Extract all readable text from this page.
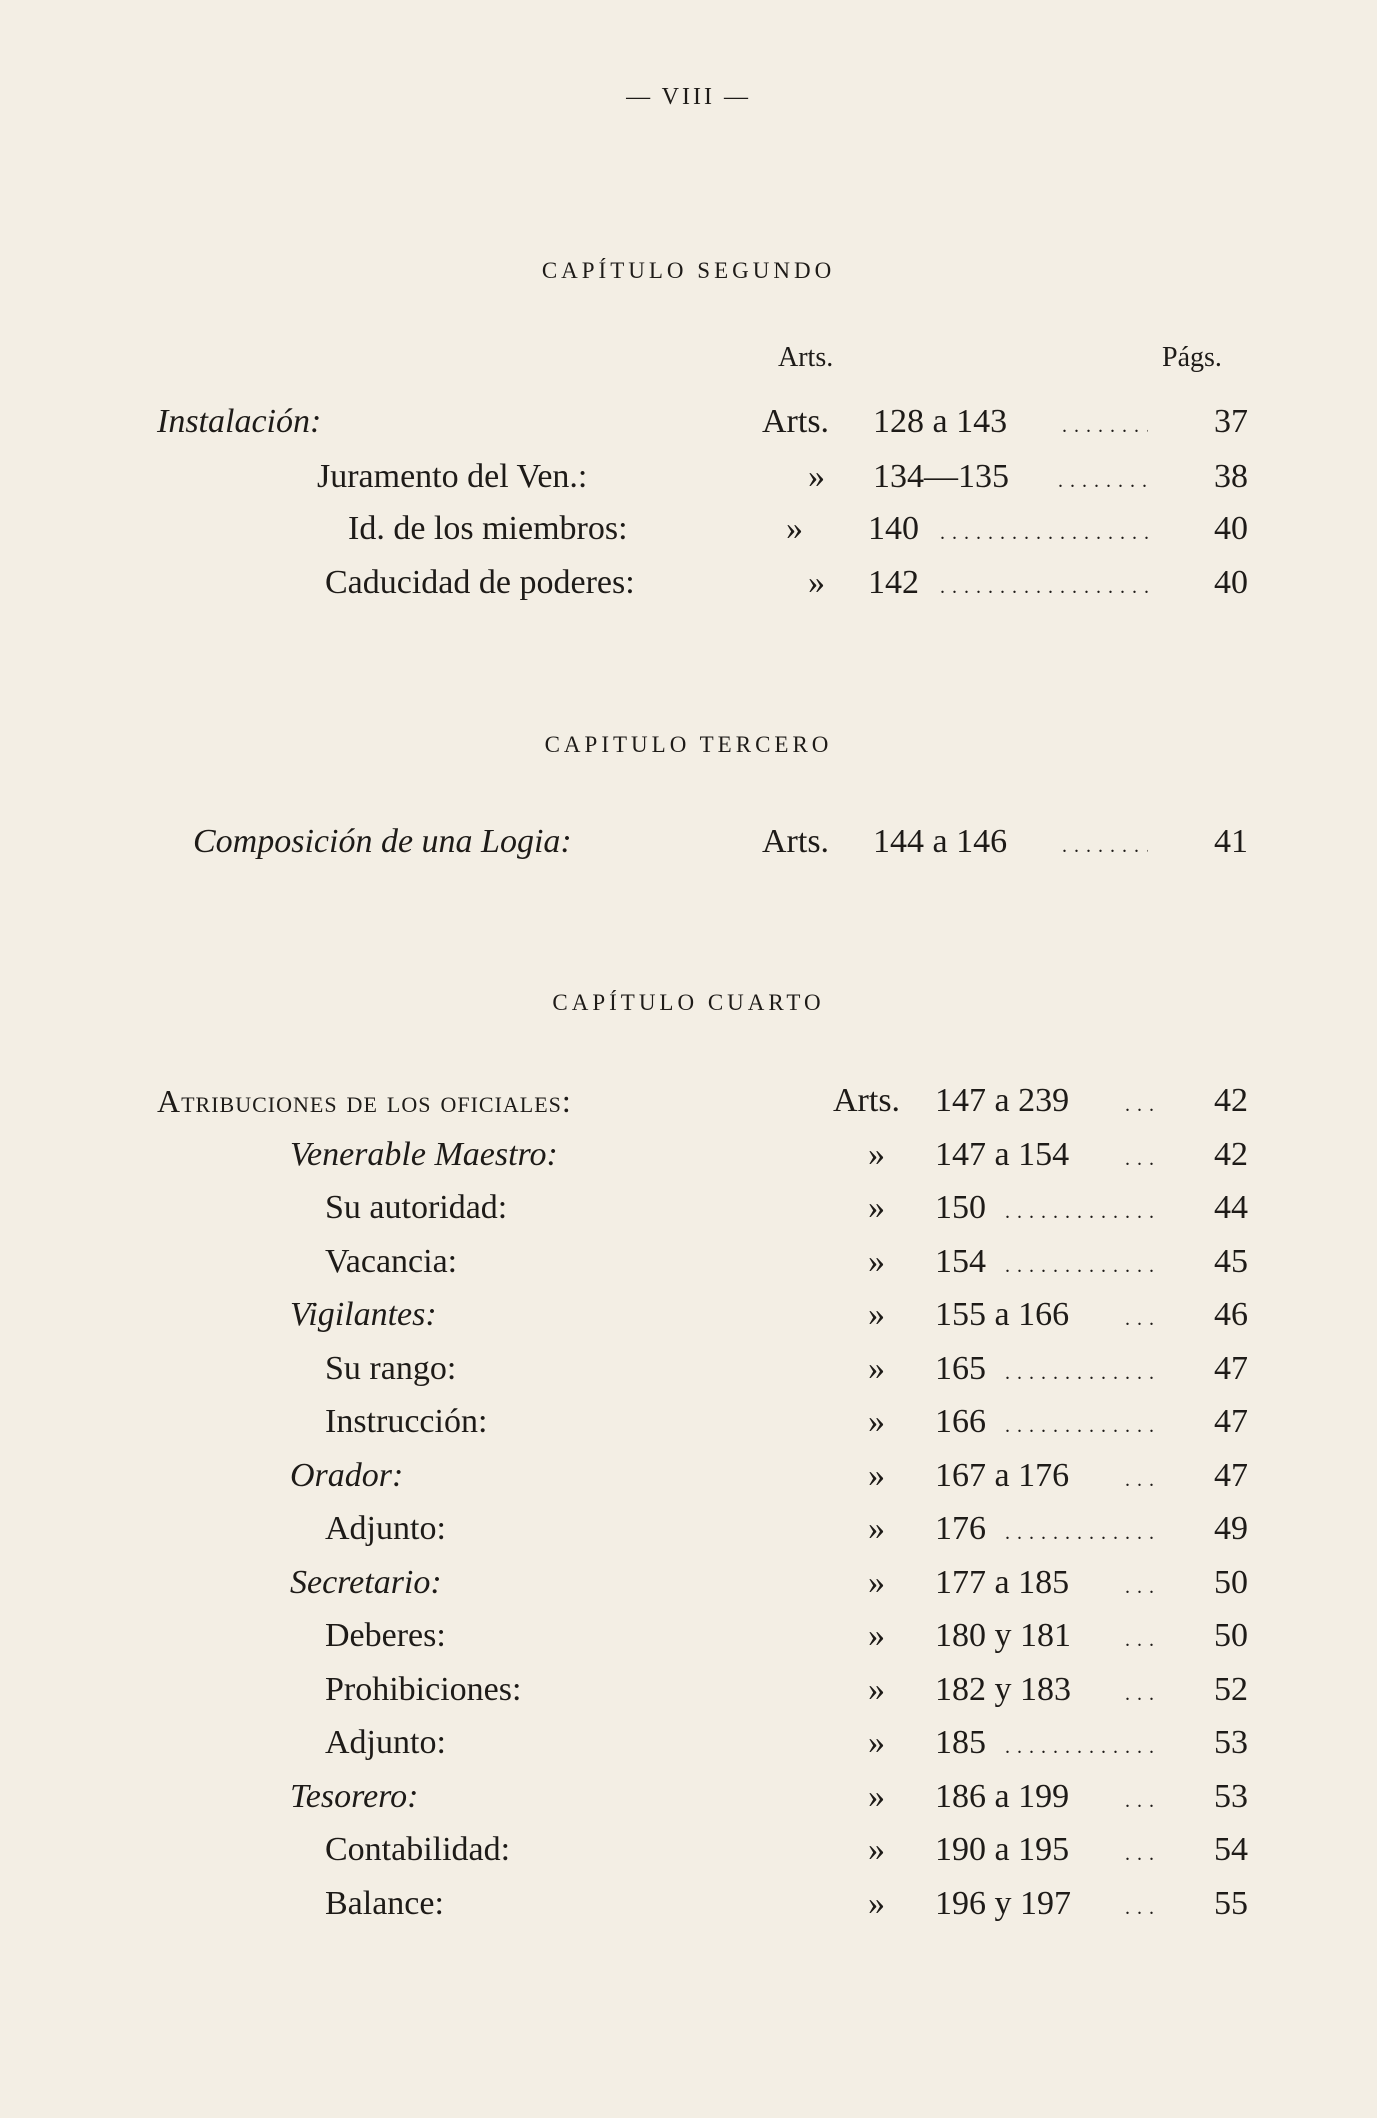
— VIII —
CAPÍTULO SEGUNDO
Arts.	Págs.
Instalación:	Arts. 128 a 143 . . .	37
Juramento del Ven.:	» 134—135 . . .	38
Id. de los miembros:	» 140 . . .	40
Caducidad de poderes:	» 142 . . .	40
CAPITULO TERCERO
Composición de una Logia:	Arts. 144 a 146 . . .	41
CAPÍTULO CUARTO
Atribuciones de los oficiales:	Arts. 147 a 239 . . .	42
Venerable Maestro:	» 147 a 154 . . .	42
Su autoridad:	» 150 . . .	44
Vacancia:	» 154 . . .	45
Vigilantes:	» 155 a 166 . . .	46
Su rango:	» 165 . . .	47
Instrucción:	» 166 . . .	47
Orador:	» 167 a 176 . . .	47
Adjunto:	» 176 . . .	49
Secretario:	» 177 a 185 . . .	50
Deberes:	» 180 y 181 . . .	50
Prohibiciones:	» 182 y 183 . . .	52
Adjunto:	» 185 . . .	53
Tesorero:	» 186 a 199 . . .	53
Contabilidad:	» 190 a 195 . . .	54
Balance:	» 196 y 197 . . .	55
